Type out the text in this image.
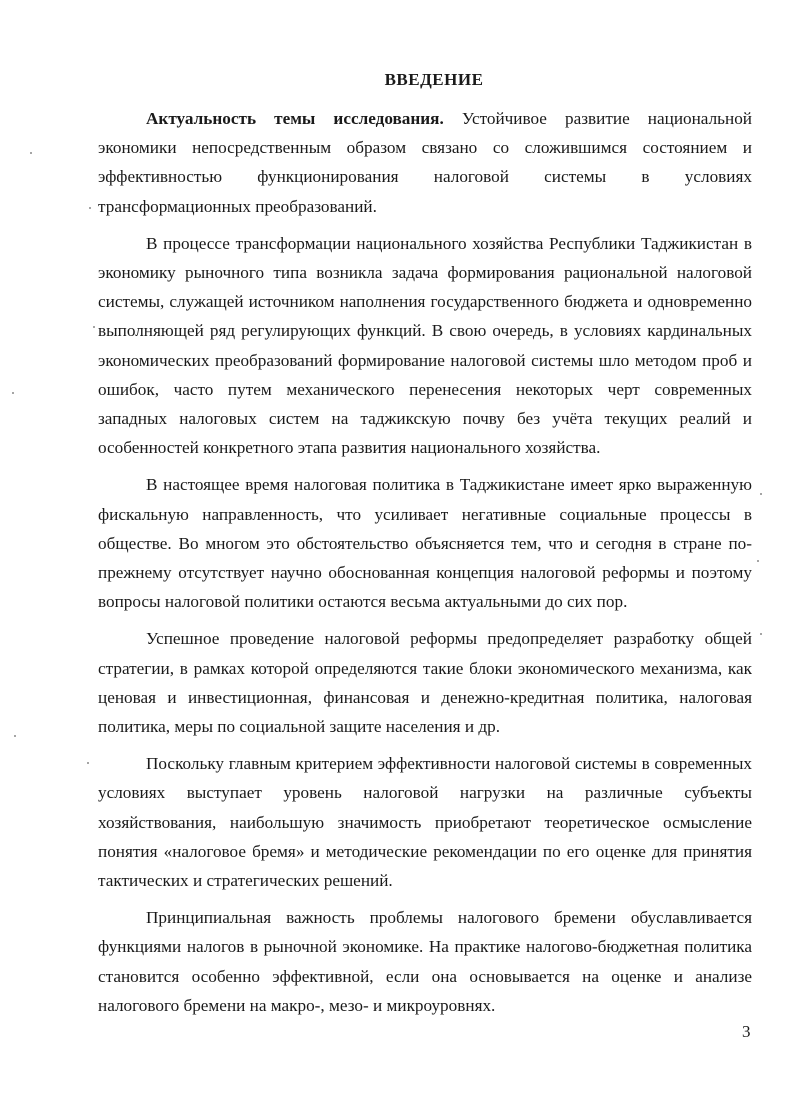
ВВЕДЕНИЕ

Актуальность темы исследования. Устойчивое развитие национальной экономики непосредственным образом связано со сложившимся состоянием и эффективностью функционирования налоговой системы в условиях трансформационных преобразований.

В процессе трансформации национального хозяйства Республики Таджикистан в экономику рыночного типа возникла задача формирования рациональной налоговой системы, служащей источником наполнения государственного бюджета и одновременно выполняющей ряд регулирующих функций. В свою очередь, в условиях кардинальных экономических преобразований формирование налоговой системы шло методом проб и ошибок, часто путем механического перенесения некоторых черт современных западных налоговых систем на таджикскую почву без учёта текущих реалий и особенностей конкретного этапа развития национального хозяйства.

В настоящее время налоговая политика в Таджикистане имеет ярко выраженную фискальную направленность, что усиливает негативные социальные процессы в обществе. Во многом это обстоятельство объясняется тем, что и сегодня в стране по-прежнему отсутствует научно обоснованная концепция налоговой реформы и поэтому вопросы налоговой политики остаются весьма актуальными до сих пор.

Успешное проведение налоговой реформы предопределяет разработку общей стратегии, в рамках которой определяются такие блоки экономического механизма, как ценовая и инвестиционная, финансовая и денежно-кредитная политика, налоговая политика, меры по социальной защите населения и др.

Поскольку главным критерием эффективности налоговой системы в современных условиях выступает уровень налоговой нагрузки на различные субъекты хозяйствования, наибольшую значимость приобретают теоретическое осмысление понятия «налоговое бремя» и методические рекомендации по его оценке для принятия тактических и стратегических решений.

Принципиальная важность проблемы налогового бремени обуславливается функциями налогов в рыночной экономике. На практике налогово-бюджетная политика становится особенно эффективной, если она основывается на оценке и анализе налогового бремени на макро-, мезо- и микроуровнях.

3
